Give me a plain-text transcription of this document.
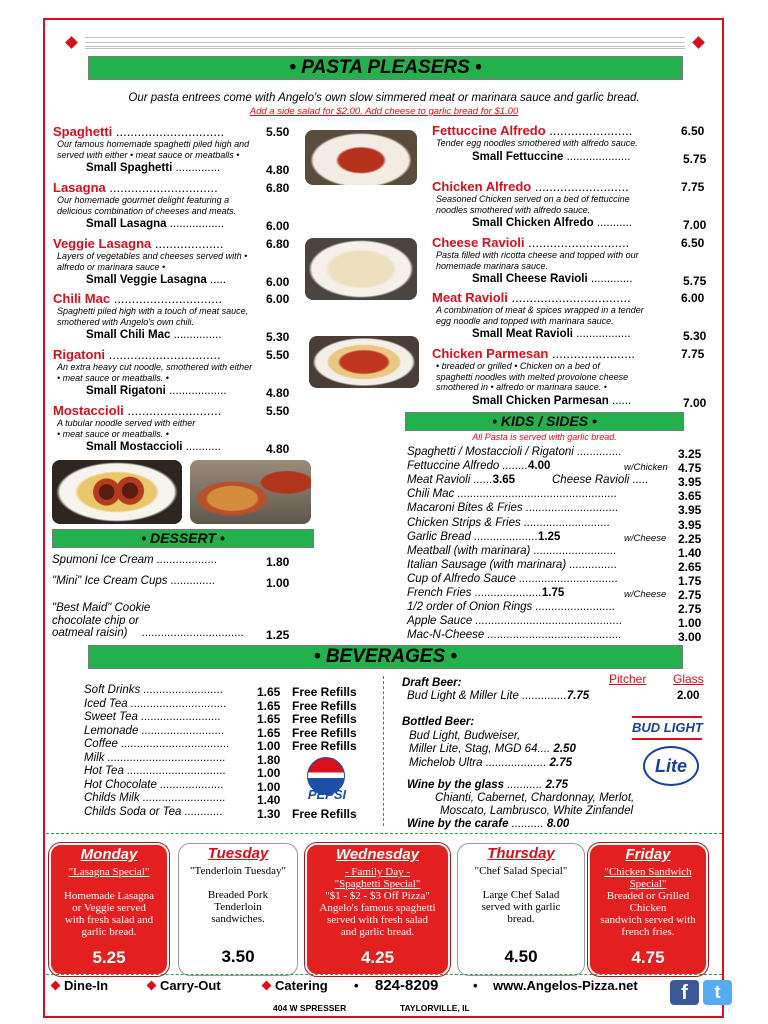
• PASTA PLEASERS •
Our pasta entrees come with Angelo's own slow simmered meat or marinara sauce and garlic bread.
Add a side salad for $2.00. Add cheese to garlic bread for $1.00
Spaghetti ..............................	5.50
Our famous homemade spaghetti piled high and
served with either • meat sauce or meatballs •
Small Spaghetti ..............	4.80
Lasagna ..............................	6.80
Our homemade gourmet delight featuring a
delicious combination of cheeses and meats.
Small Lasagna .................	6.00
Veggie Lasagna ...................	6.80
Layers of vegetables and cheeses served with •
alfredo or marinara sauce •
Small Veggie Lasagna .....	6.00
Chili Mac ..............................	6.00
Spaghetti piled high with a touch of meat sauce,
smothered with Angelo's own chili.
Small Chili Mac ...............	5.30
Rigatoni ...............................	5.50
An extra heavy cut noodle, smothered with either
• meat sauce or meatballs. •
Small Rigatoni ..................	4.80
Mostaccioli ..........................	5.50
A tubular noodle served with either
• meat sauce or meatballs. •
Small Mostaccioli ...........	4.80
Fettuccine Alfredo .......................	6.50
Tender egg noodles smothered with alfredo sauce.
Small Fettuccine ....................	5.75
Chicken Alfredo ..........................	7.75
Seasoned Chicken served on a bed of fettuccine
noodles smothered with alfredo sauce.
Small Chicken Alfredo ...........	7.00
Cheese Ravioli ............................	6.50
Pasta filled with ricotta cheese and topped with our
homemade marinara sauce.
Small Cheese Ravioli .............	5.75
Meat Ravioli .................................	6.00
A combination of meat & spices wrapped in a tender
egg noodle and topped with marinara sauce.
Small Meat Ravioli .................	5.30
Chicken Parmesan .......................	7.75
• breaded or grilled • Chicken on a bed of
spaghetti noodles with melted provolone cheese
smothered in • alfredo or marinara sauce. •
Small Chicken Parmesan ......	7.00
• DESSERT •
Spumoni Ice Cream ...................	1.80
"Mini" Ice Cream Cups ..............	1.00
"Best Maid" Cookie
chocolate chip or
oatmeal raisin) ................................ 1.25
• KIDS / SIDES •
All Pasta is served with garlic bread.
Spaghetti / Mostaccioli / Rigatoni ..............	3.25
Fettuccine Alfredo ........4.00	w/Chicken 4.75
Meat Ravioli ......3.65	Cheese Ravioli ..... 3.95
Chili Mac ..................................................	3.65
Macaroni Bites & Fries .............................	3.95
Chicken Strips & Fries ...........................	3.95
Garlic Bread ....................1.25	w/Cheese 2.25
Meatball (with marinara) ..........................	1.40
Italian Sausage (with marinara) ...............	2.65
Cup of Alfredo Sauce ...............................	1.75
French Fries .....................1.75	w/Cheese 2.75
1/2 order of Onion Rings .........................	2.75
Apple Sauce ..............................................	1.00
Mac-N-Cheese ..........................................	3.00
• BEVERAGES •
Soft Drinks .........................	1.65 Free Refills
Iced Tea ..............................	1.65 Free Refills
Sweet Tea .........................	1.65 Free Refills
Lemonade ..........................	1.65 Free Refills
Coffee .................................. 1.00 Free Refills
Milk .....................................	1.80
Hot Tea ...............................	1.00
Hot Chocolate ....................	1.00
Childs Milk ..........................	1.40
Childs Soda or Tea ............	1.30 Free Refills
PEPSI
Pitcher Glass
Draft Beer:
Bud Light & Miller Lite ..............7.75	2.00
Bottled Beer:
Bud Light, Budweiser,
Miller Lite, Stag, MGD 64.... 2.50
Michelob Ultra ................... 2.75
BUD LIGHT
Lite
Wine by the glass ........... 2.75
Chianti, Cabernet, Chardonnay, Merlot,
Moscato, Lambrusco, White Zinfandel
Wine by the carafe .......... 8.00
Monday
"Lasagna Special"
Homemade Lasagna
or Veggie served
with fresh salad and
garlic bread.
5.25
Tuesday
"Tenderloin Tuesday"
Breaded Pork
Tenderloin
sandwiches.
3.50
Wednesday
- Family Day -
"Spaghetti Special"
"$1 - $2 - $3 Off Pizza"
Angelo's famous spaghetti
served with fresh salad
and garlic bread.
4.25
Thursday
"Chef Salad Special"
Large Chef Salad
served with garlic
bread.
4.50
Friday
"Chicken Sandwich
Special"
Breaded or Grilled
Chicken
sandwich served with
french fries.
4.75
Dine-In	Carry-Out	Catering • 824-8209	• www.Angelos-Pizza.net
404 W SPRESSER	TAYLORVILLE, IL
f	t
